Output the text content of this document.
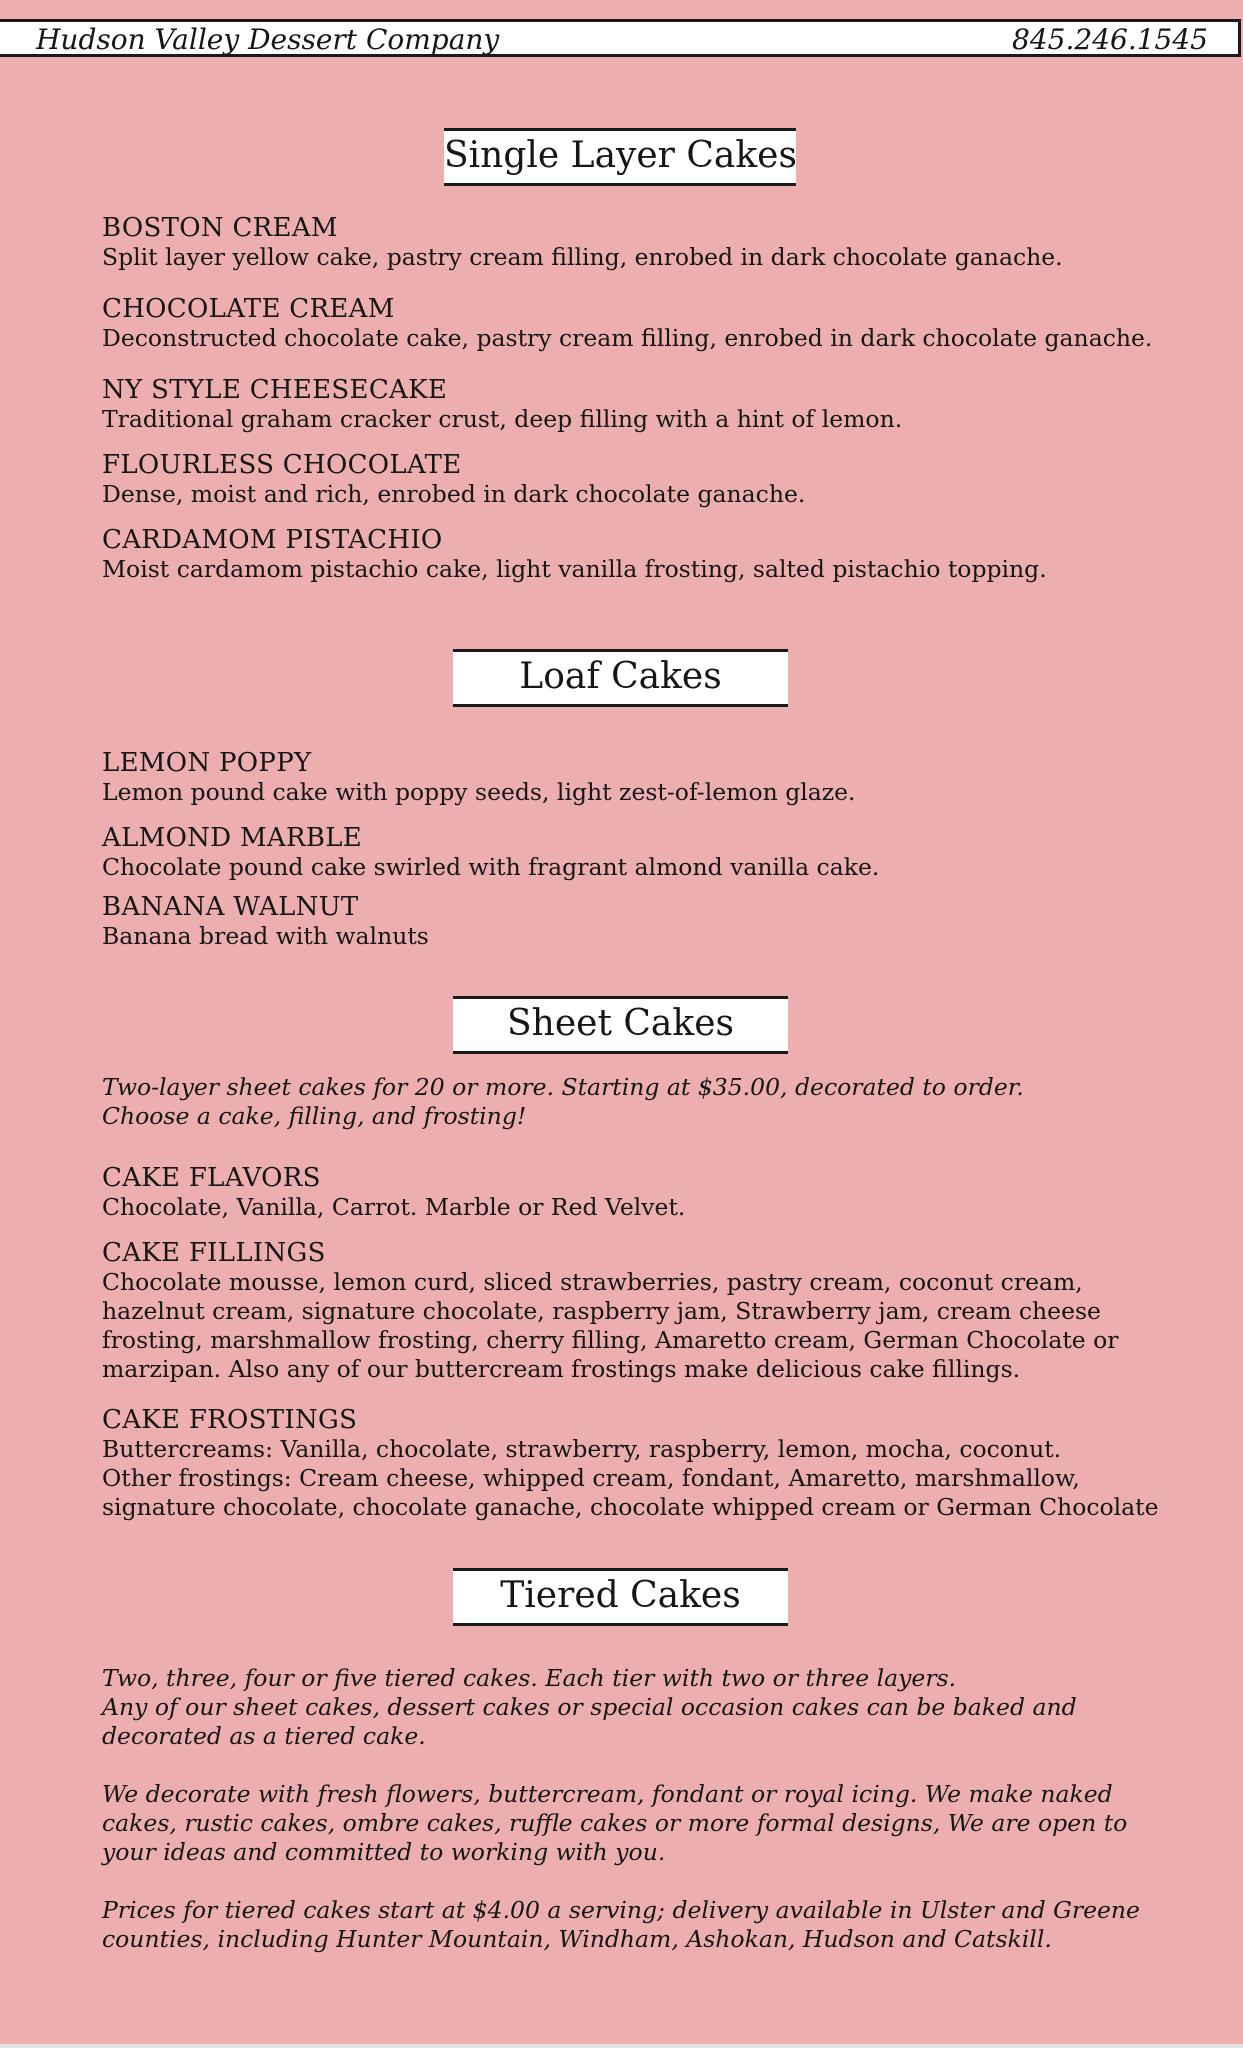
Hudson Valley Dessert Company	845.246.1545
Single Layer Cakes
BOSTON CREAM
Split layer yellow cake, pastry cream filling, enrobed in dark chocolate ganache.
CHOCOLATE CREAM
Deconstructed chocolate cake, pastry cream filling, enrobed in dark chocolate ganache.
NY STYLE CHEESECAKE
Traditional graham cracker crust, deep filling with a hint of lemon.
FLOURLESS CHOCOLATE
Dense, moist and rich, enrobed in dark chocolate ganache.
CARDAMOM PISTACHIO
Moist cardamom pistachio cake, light vanilla frosting, salted pistachio topping.
Loaf Cakes
LEMON POPPY
Lemon pound cake with poppy seeds, light zest-of-lemon glaze.
ALMOND MARBLE
Chocolate pound cake swirled with fragrant almond vanilla cake.
BANANA WALNUT
Banana bread with walnuts
Sheet Cakes
Two-layer sheet cakes for 20 or more. Starting at $35.00, decorated to order.
Choose a cake, filling, and frosting!
CAKE FLAVORS
Chocolate, Vanilla, Carrot. Marble or Red Velvet.
CAKE FILLINGS
Chocolate mousse, lemon curd, sliced strawberries, pastry cream, coconut cream,
hazelnut cream, signature chocolate, raspberry jam, Strawberry jam, cream cheese
frosting, marshmallow frosting, cherry filling, Amaretto cream, German Chocolate or
marzipan. Also any of our buttercream frostings make delicious cake fillings.
CAKE FROSTINGS
Buttercreams: Vanilla, chocolate, strawberry, raspberry, lemon, mocha, coconut.
Other frostings: Cream cheese, whipped cream, fondant, Amaretto, marshmallow,
signature chocolate, chocolate ganache, chocolate whipped cream or German Chocolate
Tiered Cakes
Two, three, four or five tiered cakes. Each tier with two or three layers.
Any of our sheet cakes, dessert cakes or special occasion cakes can be baked and
decorated as a tiered cake.
We decorate with fresh flowers, buttercream, fondant or royal icing. We make naked
cakes, rustic cakes, ombre cakes, ruffle cakes or more formal designs, We are open to
your ideas and committed to working with you.
Prices for tiered cakes start at $4.00 a serving; delivery available in Ulster and Greene
counties, including Hunter Mountain, Windham, Ashokan, Hudson and Catskill.
